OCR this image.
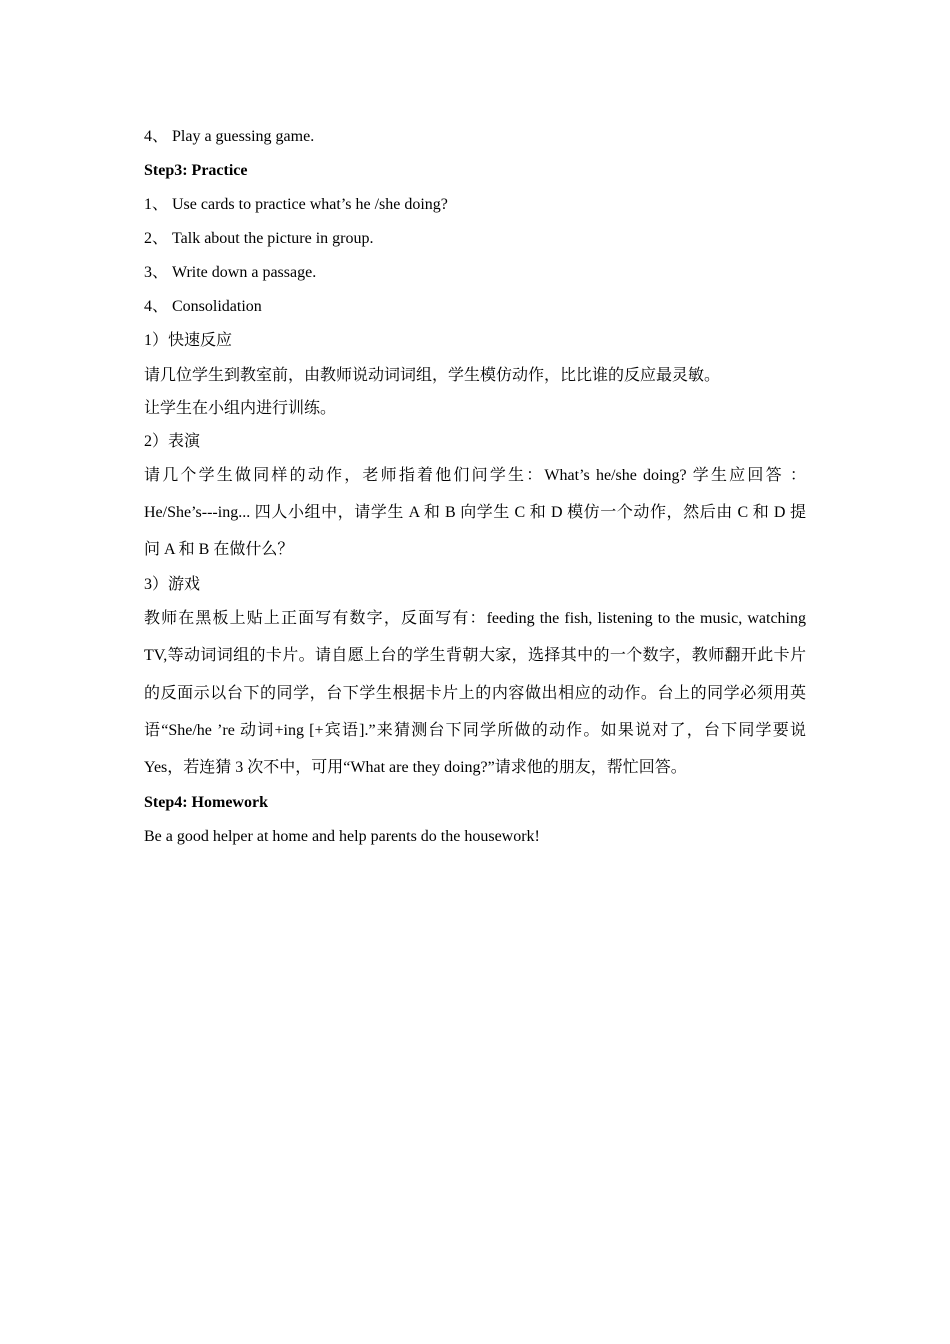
4、 Play a guessing game.
Step3: Practice
1、 Use cards to practice what’s he /she doing?
2、 Talk about the picture in group.
3、 Write down a passage.
4、 Consolidation
1）快速反应
请几位学生到教室前，由教师说动词词组，学生模仿动作，比比谁的反应最灵敏。
让学生在小组内进行训练。
2）表演
请几个学生做同样的动作，老师指着他们问学生：What’s he/she doing? 学生应回答 ：
He/She’s---ing... 四人小组中，请学生 A 和 B 向学生 C 和 D 模仿一个动作，然后由 C 和 D 提
问 A 和 B 在做什么？
3）游戏
教师在黑板上贴上正面写有数字，反面写有：feeding the fish, listening to the music, watching
TV,等动词词组的卡片。请自愿上台的学生背朝大家，选择其中的一个数字，教师翻开此卡片
的反面示以台下的同学，台下学生根据卡片上的内容做出相应的动作。台上的同学必须用英
语“She/he ’re 动词+ing [+宾语].”来猜测台下同学所做的动作。如果说对了，台下同学要说
Yes，若连猜 3 次不中，可用“What are they doing?”请求他的朋友，帮忙回答。
Step4: Homework
Be a good helper at home and help parents do the housework!
